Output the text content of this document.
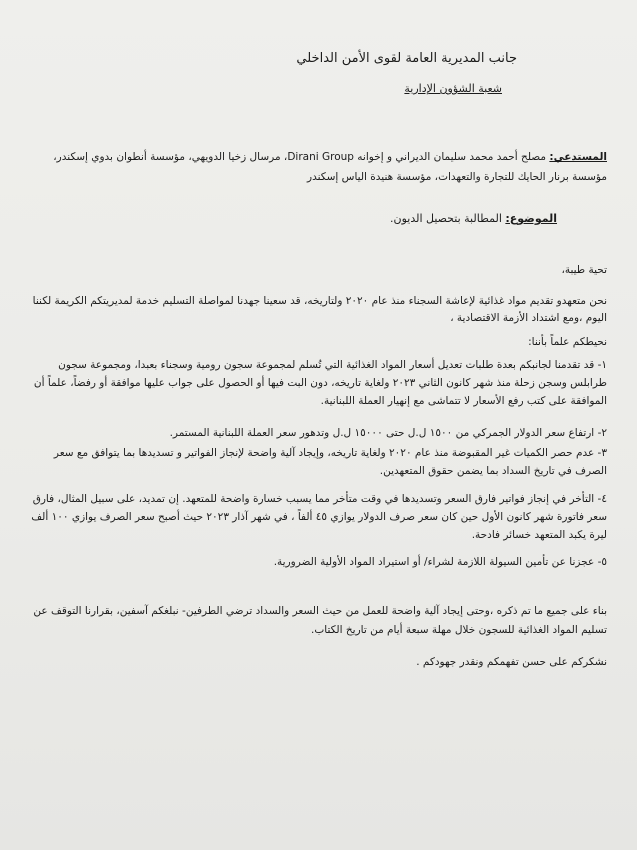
جانب المديرية العامة لقوى الأمن الداخلي
شعبة الشؤون الإدارية
المستدعي: مصلح أحمد محمد سليمان الديراني و إخوانه Dirani Group، مرسال زخيا الدويهي، مؤسسة أنطوان بدوي إسكندر، مؤسسة برنار الحايك للتجارة والتعهدات، مؤسسة هنيدة الياس إسكندر
الموضوع: المطالبة بتحصيل الديون.
تحية طيبة،
نحن متعهدو تقديم مواد غذائية لإعاشة السجناء منذ عام ٢٠٢٠ ولتاريخه، قد سعينا جهدنا لمواصلة التسليم خدمة لمديريتكم الكريمة لكننا اليوم ،ومع اشتداد الأزمة الاقتصادية ،
نحيطكم علماً بأننا:
١- قد تقدمنا لجانبكم بعدة طلبات تعديل أسعار المواد الغذائية التي تُسلم لمجموعة سجون رومية وسجناء بعبدا، ومجموعة سجون طرابلس وسجن زحلة منذ شهر كانون الثاني ٢٠٢٣ ولغاية تاريخه، دون البت فيها أو الحصول على جواب عليها موافقة أو رفضاً، علماً أن الموافقة على كتب رفع الأسعار لا تتماشى مع إنهيار العملة اللبنانية.
٢- ارتفاع سعر الدولار الجمركي من ١٥٠٠ ل.ل حتى ١٥٠٠٠ ل.ل وتدهور سعر العملة اللبنانية المستمر.
٣- عدم حصر الكميات غير المقبوضة منذ عام ٢٠٢٠ ولغاية تاريخه، وإيجاد آلية واضحة لإنجاز الفواتير و تسديدها بما يتوافق مع سعر الصرف في تاريخ السداد بما يضمن حقوق المتعهدين.
٤- التأخر في إنجاز فواتير فارق السعر وتسديدها في وقت متأخر مما يسبب خسارة واضحة للمتعهد. إن تمديد، على سبيل المثال، فارق سعر فاتورة شهر كانون الأول حين كان سعر صرف الدولار يوازي ٤٥ ألفاً ، في شهر آذار ٢٠٢٣ حيث أصبح سعر الصرف يوازي ١٠٠ ألف ليرة يكبد المتعهد خسائر فادحة.
٥- عجزنا عن تأمين السيولة اللازمة لشراء/ أو استيراد المواد الأولية الضرورية.
بناء على جميع ما تم ذكره ،وحتى إيجاد آلية واضحة للعمل من حيث السعر والسداد ترضي الطرفين- نبلغكم آسفين، بقرارنا التوقف عن تسليم المواد الغذائية للسجون خلال مهلة سبعة أيام من تاريخ الكتاب.
نشكركم على حسن تفهمكم ونقدر جهودكم .
